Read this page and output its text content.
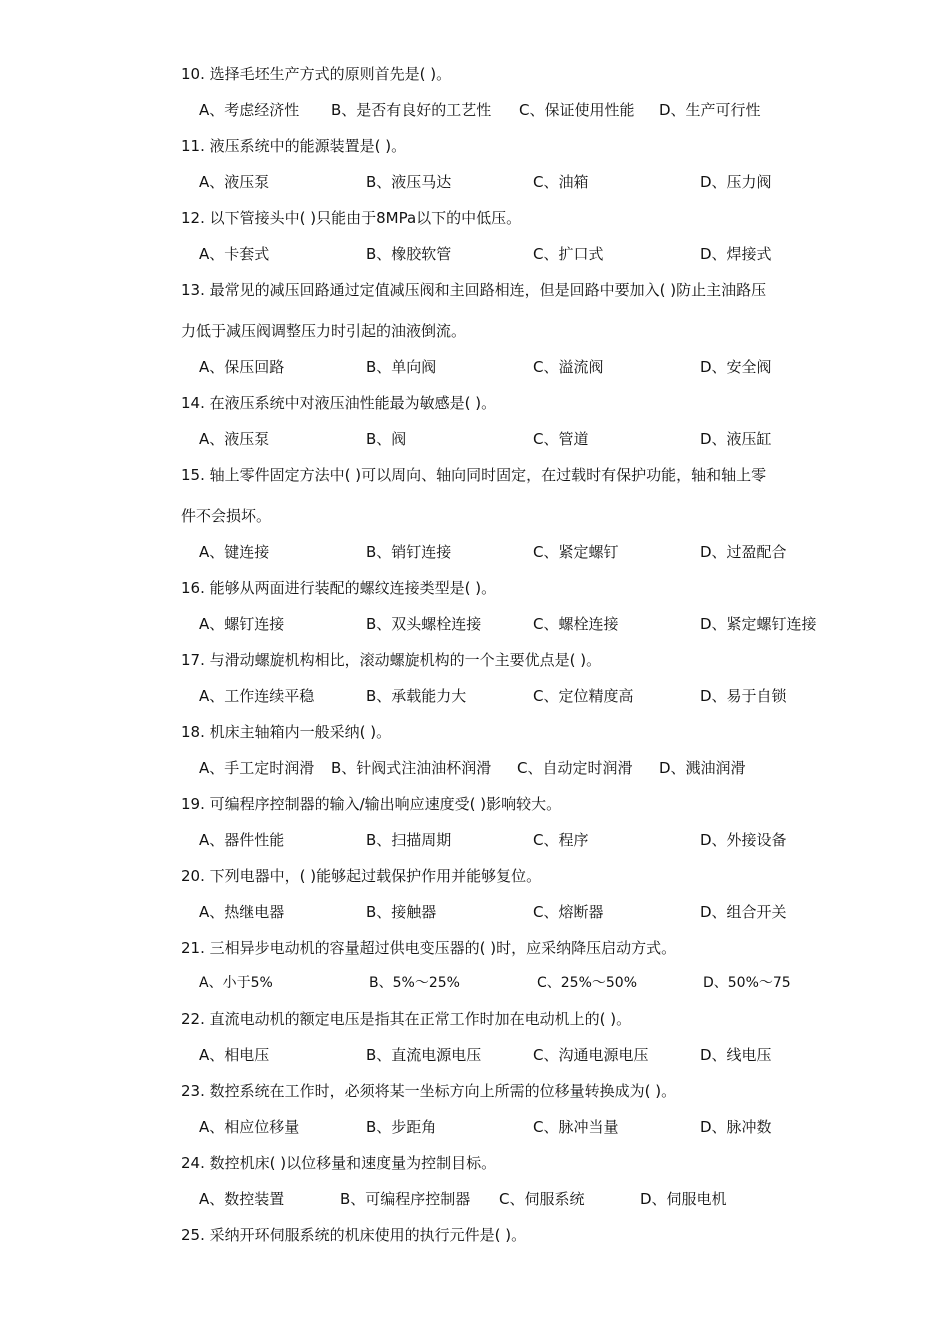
10. 选择毛坯生产方式的原则首先是( )。
A、考虑经济性 B、是否有良好的工艺性 C、保证使用性能 D、生产可行性
11. 液压系统中的能源装置是( )。
A、液压泵	B、液压马达	C、油箱	D、压力阀
12. 以下管接头中( )只能由于8MPa以下的中低压。
A、卡套式	B、橡胶软管	C、扩口式	D、焊接式
13. 最常见的减压回路通过定值减压阀和主回路相连，但是回路中要加入( )防止主油路压
力低于减压阀调整压力时引起的油液倒流。
A、保压回路	B、单向阀	C、溢流阀	D、安全阀
14. 在液压系统中对液压油性能最为敏感是( )。
A、液压泵	B、阀	C、管道	D、液压缸
15. 轴上零件固定方法中( )可以周向、轴向同时固定，在过载时有保护功能，轴和轴上零
件不会损坏。
A、键连接	B、销钉连接	C、紧定螺钉	D、过盈配合
16. 能够从两面进行装配的螺纹连接类型是( )。
A、螺钉连接	B、双头螺栓连接	C、螺栓连接	D、紧定螺钉连接
17. 与滑动螺旋机构相比，滚动螺旋机构的一个主要优点是( )。
A、工作连续平稳	B、承载能力大	C、定位精度高	D、易于自锁
18. 机床主轴箱内一般采纳( )。
A、手工定时润滑 B、针阀式注油油杯润滑 C、自动定时润滑 D、溅油润滑
19. 可编程序控制器的输入/输出响应速度受( )影响较大。
A、器件性能	B、扫描周期	C、程序	D、外接设备
20. 下列电器中，( )能够起过载保护作用并能够复位。
A、热继电器	B、接触器	C、熔断器	D、组合开关
21. 三相异步电动机的容量超过供电变压器的( )时，应采纳降压启动方式。
A、小于5%	B、5%～25%	C、25%～50%	D、50%～75
22. 直流电动机的额定电压是指其在正常工作时加在电动机上的( )。
A、相电压	B、直流电源电压	C、沟通电源电压	D、线电压
23. 数控系统在工作时，必须将某一坐标方向上所需的位移量转换成为( )。
A、相应位移量	B、步距角	C、脉冲当量	D、脉冲数
24. 数控机床( )以位移量和速度量为控制目标。
A、数控装置	B、可编程序控制器 C、伺服系统	D、伺服电机
25. 采纳开环伺服系统的机床使用的执行元件是( )。
